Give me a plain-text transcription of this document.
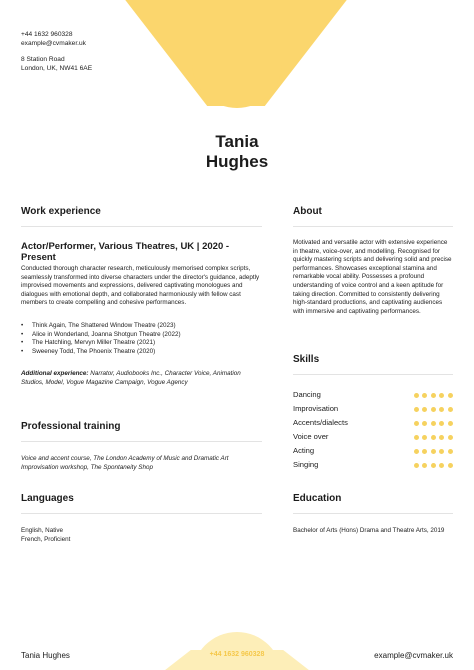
+44 1632 960328
example@cvmaker.uk
8 Station Road
London, UK, NW41 6AE
Tania
Hughes
Work experience
Actor/Performer, Various Theatres, UK | 2020 - Present
Conducted thorough character research, meticulously memorised complex scripts, seamlessly transformed into diverse characters under the director's guidance, adeptly improvised movements and expressions, delivered captivating monologues and dialogues with emotional depth, and collaborated harmoniously with fellow cast members to create compelling and cohesive performances.
• Think Again, The Shattered Window Theatre (2023)
• Alice in Wonderland, Joanna Shotgun Theatre (2022)
• The Hatchling, Mervyn Miller Theatre (2021)
• Sweeney Todd, The Phoenix Theatre (2020)
Additional experience: Narrator, Audiobooks Inc., Character Voice, Animation Studios, Model, Vogue Magazine Campaign, Vogue Agency
Professional training
Voice and accent course, The London Academy of Music and Dramatic Art Improvisation workshop, The Spontaneity Shop
Languages
English, Native
French, Proficient
About
Motivated and versatile actor with extensive experience in theatre, voice-over, and modelling. Recognised for quickly mastering scripts and delivering solid and precise performances. Showcases exceptional stamina and remarkable vocal ability. Possesses a profound understanding of voice control and a keen aptitude for taking direction. Committed to consistently delivering high-standard productions, and captivating audiences with immersive and captivating performances.
Skills
Dancing
Improvisation
Accents/dialects
Voice over
Acting
Singing
Education
Bachelor of Arts (Hons) Drama and Theatre Arts, 2019
Tania Hughes	+44 1632 960328	example@cvmaker.uk
